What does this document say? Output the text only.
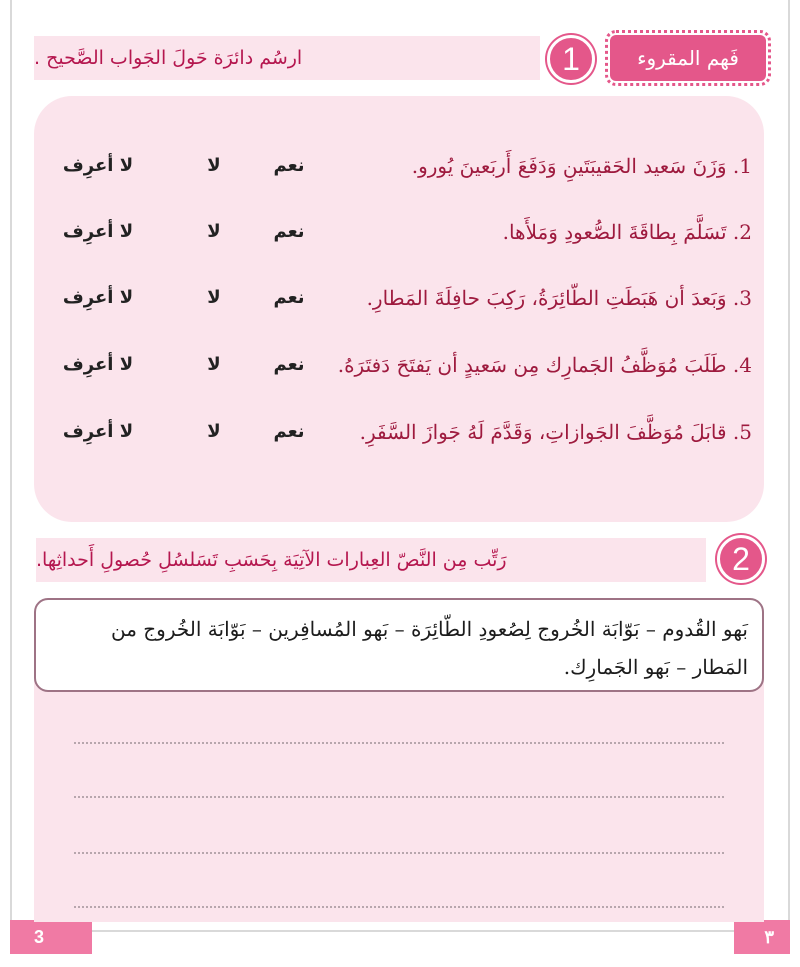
ارسُم دائرَة حَولَ الجَواب الصَّحيح .	1	فَهم المقروء
1. وَزَنَ سَعيد الحَقيبَتَينِ وَدَفَعَ أَربَعينَ يُورو.
نعم
لا
لا أعرِف
2. تَسَلَّمَ بِطاقَةَ الصُّعودِ وَمَلأَها.
نعم
لا
لا أعرِف
3. وَبَعدَ أن هَبَطَتِ الطّائِرَةُ، رَكِبَ حافِلَةَ المَطارِ.
نعم
لا
لا أعرِف
4. طَلَبَ مُوَظَّفُ الجَمارِك مِن سَعيدٍ أن يَفتَحَ دَفتَرَهُ.
نعم
لا
لا أعرِف
5. قابَلَ مُوَظَّفَ الجَوازاتِ، وَقَدَّمَ لَهُ جَوازَ السَّفَرِ.
نعم
لا
لا أعرِف
رَتِّب مِن النَّصّ العِبارات الآتِيَة بِحَسَبِ تَسَلسُلِ حُصولِ أَحداثِها.	2

بَهو القُدوم – بَوّابَة الخُروج لِصُعودِ الطّائِرَة – بَهو المُسافِرين – بَوّابَة الخُروج من المَطار – بَهو الجَمارِك.

3	٣
